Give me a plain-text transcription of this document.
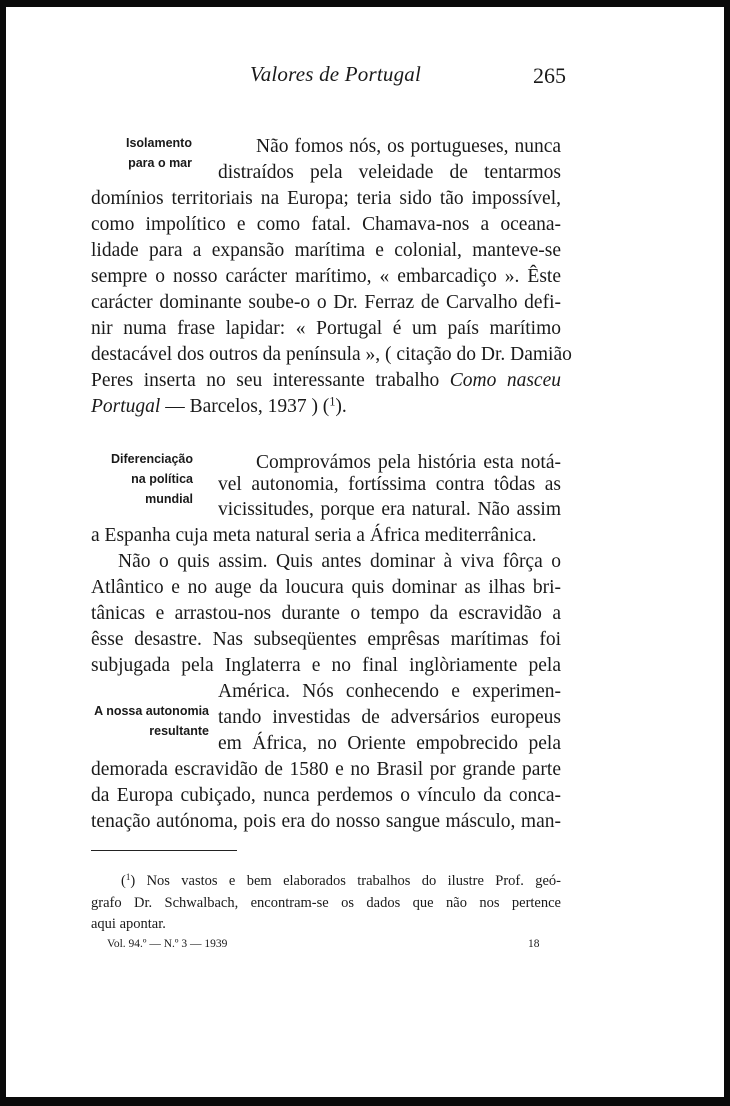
Valores de Portugal	265
Isolamento
para o mar
Não fomos nós, os portugueses, nunca
distraídos pela veleidade de tentarmos
domínios territoriais na Europa; teria sido tão impossível,
como impolítico e como fatal. Chamava-nos a oceana-
lidade para a expansão marítima e colonial, manteve-se
sempre o nosso carácter marítimo, « embarcadiço ». Êste
carácter dominante soube-o o Dr. Ferraz de Carvalho defi-
nir numa frase lapidar: « Portugal é um país marítimo
destacável dos outros da península », ( citação do Dr. Damião
Peres inserta no seu interessante trabalho Como nasceu
Portugal — Barcelos, 1937 ) ($^1$).
Diferenciação
na política
mundial
Comprovámos pela história esta notá-
vel autonomia, fortíssima contra tôdas as
vicissitudes, porque era natural. Não assim
a Espanha cuja meta natural seria a África mediterrânica.
Não o quis assim. Quis antes dominar à viva fôrça o
Atlântico e no auge da loucura quis dominar as ilhas bri-
tânicas e arrastou-nos durante o tempo da escravidão a
êsse desastre. Nas subseqüentes emprêsas marítimas foi
subjugada pela Inglaterra e no final inglòriamente pela
América. Nós conhecendo e experimen-
tando investidas de adversários europeus
em África, no Oriente empobrecido pela
demorada escravidão de 1580 e no Brasil por grande parte
da Europa cubiçado, nunca perdemos o vínculo da conca-
tenação autónoma, pois era do nosso sangue másculo, man-
A nossa autonomia
resultante
($^1$) Nos vastos e bem elaborados trabalhos do ilustre Prof. geó-
grafo Dr. Schwalbach, encontram-se os dados que não nos pertence
aqui apontar.
Vol. 94.º — N.º 3 — 1939	18
